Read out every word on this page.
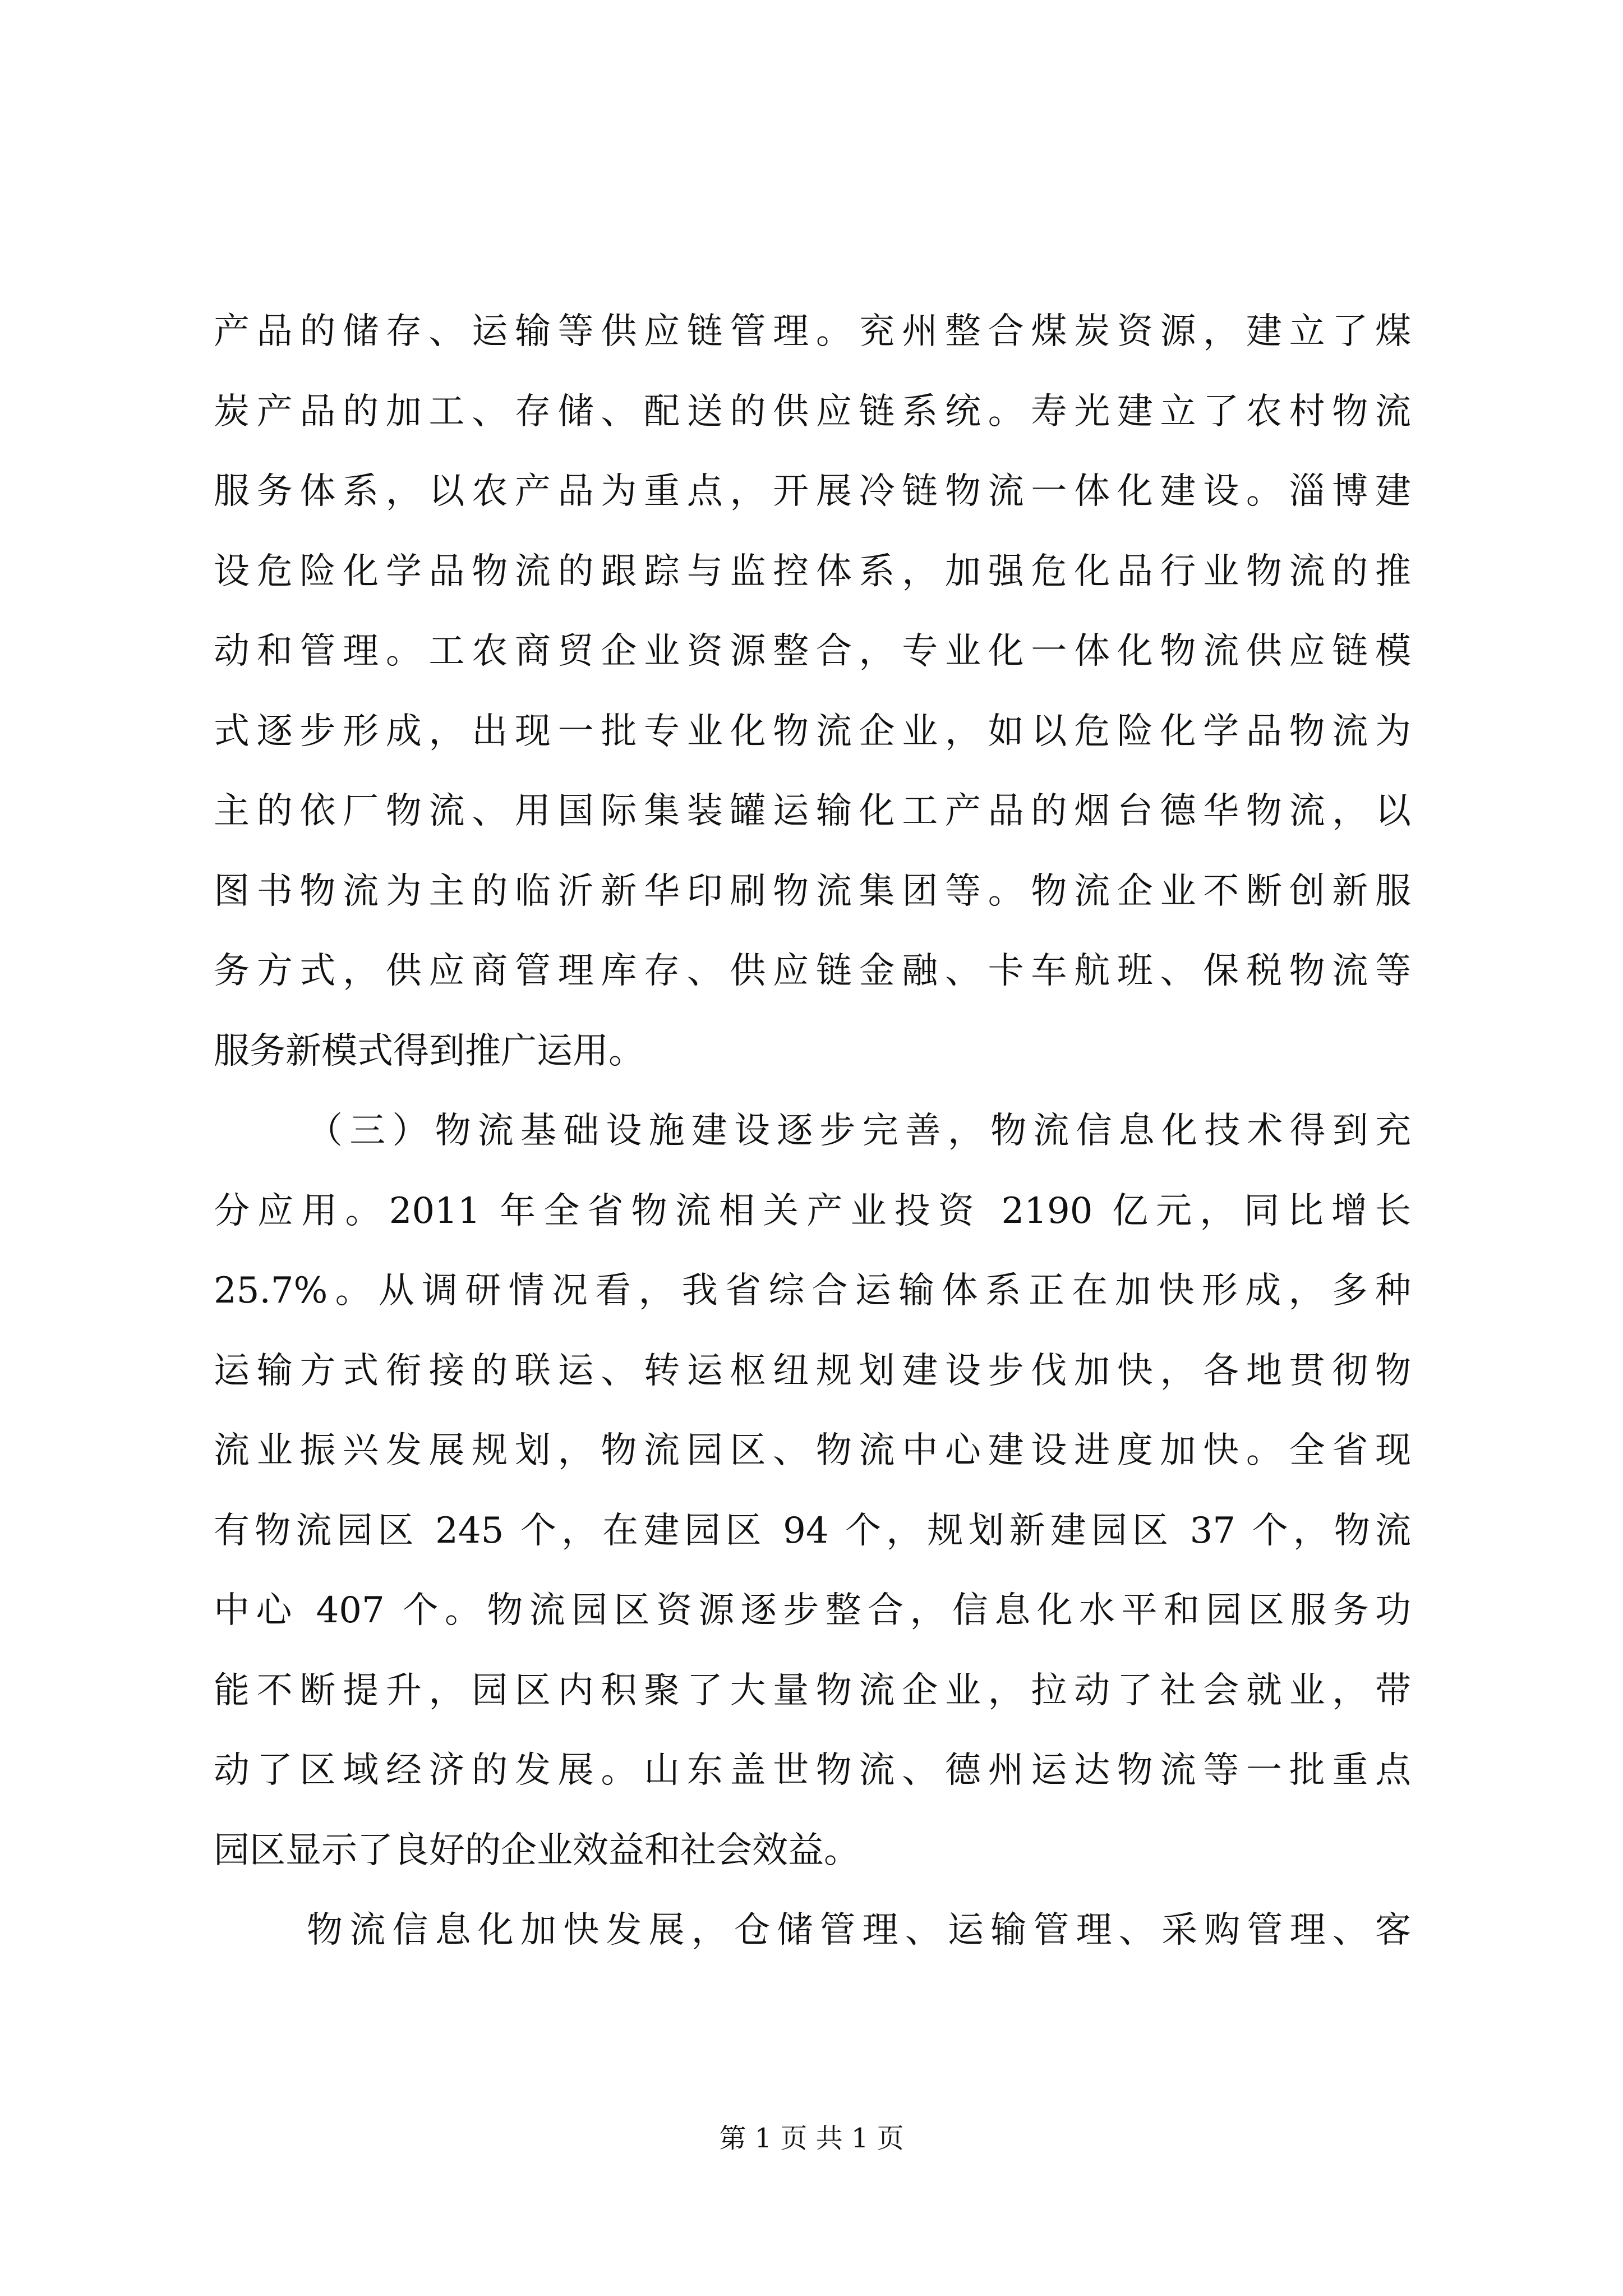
产品的储存、运输等供应链管理。兖州整合煤炭资源，建立了煤
炭产品的加工、存储、配送的供应链系统。寿光建立了农村物流
服务体系，以农产品为重点，开展冷链物流一体化建设。淄博建
设危险化学品物流的跟踪与监控体系，加强危化品行业物流的推
动和管理。工农商贸企业资源整合，专业化一体化物流供应链模
式逐步形成，出现一批专业化物流企业，如以危险化学品物流为
主的依厂物流、用国际集装罐运输化工产品的烟台德华物流，以
图书物流为主的临沂新华印刷物流集团等。物流企业不断创新服
务方式，供应商管理库存、供应链金融、卡车航班、保税物流等
服务新模式得到推广运用。
（三）物流基础设施建设逐步完善，物流信息化技术得到充
分应用。2011 年全省物流相关产业投资 2190 亿元，同比增长
25.7%。从调研情况看，我省综合运输体系正在加快形成，多种
运输方式衔接的联运、转运枢纽规划建设步伐加快，各地贯彻物
流业振兴发展规划，物流园区、物流中心建设进度加快。全省现
有物流园区 245 个，在建园区 94 个，规划新建园区 37 个，物流
中心 407 个。物流园区资源逐步整合，信息化水平和园区服务功
能不断提升，园区内积聚了大量物流企业，拉动了社会就业，带
动了区域经济的发展。山东盖世物流、德州运达物流等一批重点
园区显示了良好的企业效益和社会效益。
物流信息化加快发展，仓储管理、运输管理、采购管理、客
第 1 页 共 1 页
